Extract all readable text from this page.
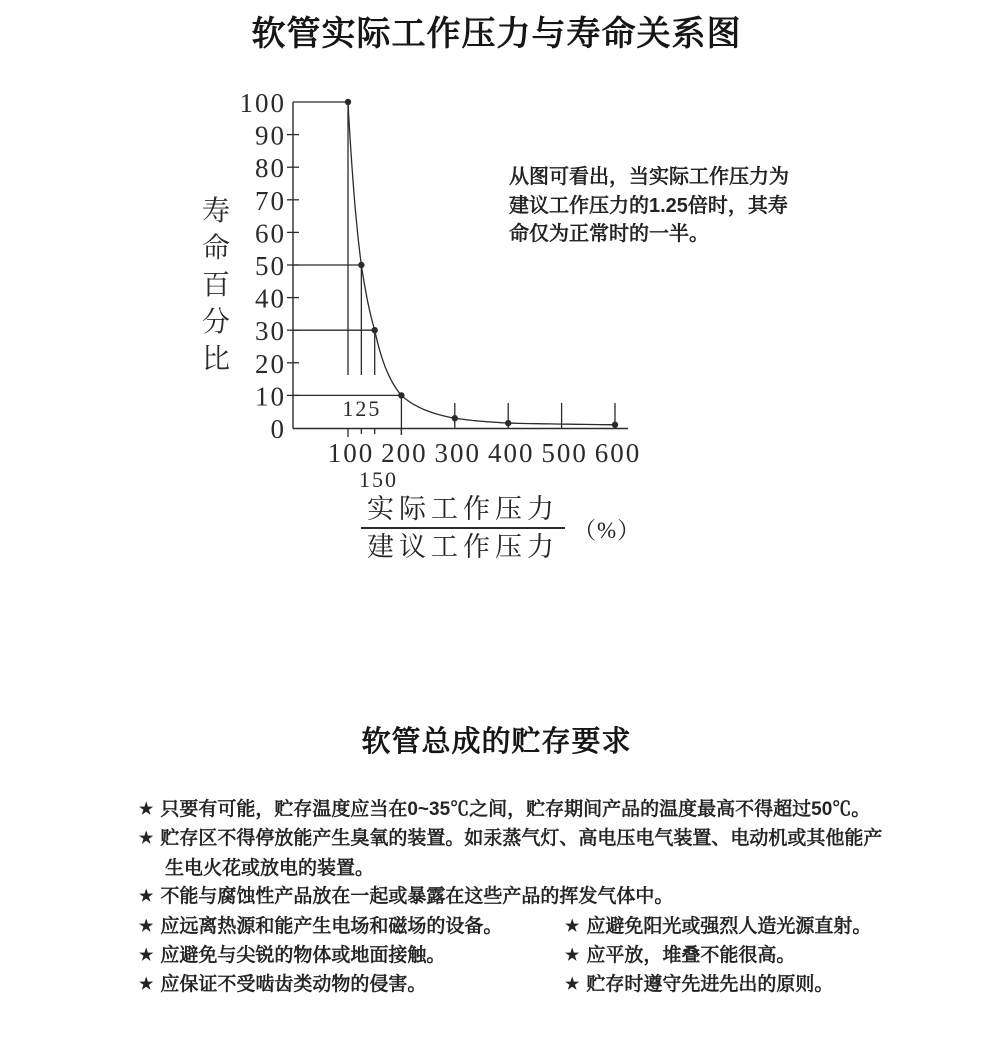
软管实际工作压力与寿命关系图
0
10
20
30
40
50
60
70
80
90
100
100 200 300 400 500 600
125
150
寿
命
百
分
比
从图可看出，当实际工作压力为
建议工作压力的1.25倍时，其寿
命仅为正常时的一半。
$\frac{\text{实际工作压力}}{\text{建议工作压力}}$ （%）
软管总成的贮存要求
★ 只要有可能，贮存温度应当在0~35℃之间，贮存期间产品的温度最高不得超过50℃。
★ 贮存区不得停放能产生臭氧的装置。如汞蒸气灯、高电压电气装置、电动机或其他能产生电火花或放电的装置。
★ 不能与腐蚀性产品放在一起或暴露在这些产品的挥发气体中。
★ 应远离热源和能产生电场和磁场的设备。	★ 应避免阳光或强烈人造光源直射。
★ 应避免与尖锐的物体或地面接触。	★ 应平放，堆叠不能很高。
★ 应保证不受啮齿类动物的侵害。	★ 贮存时遵守先进先出的原则。
